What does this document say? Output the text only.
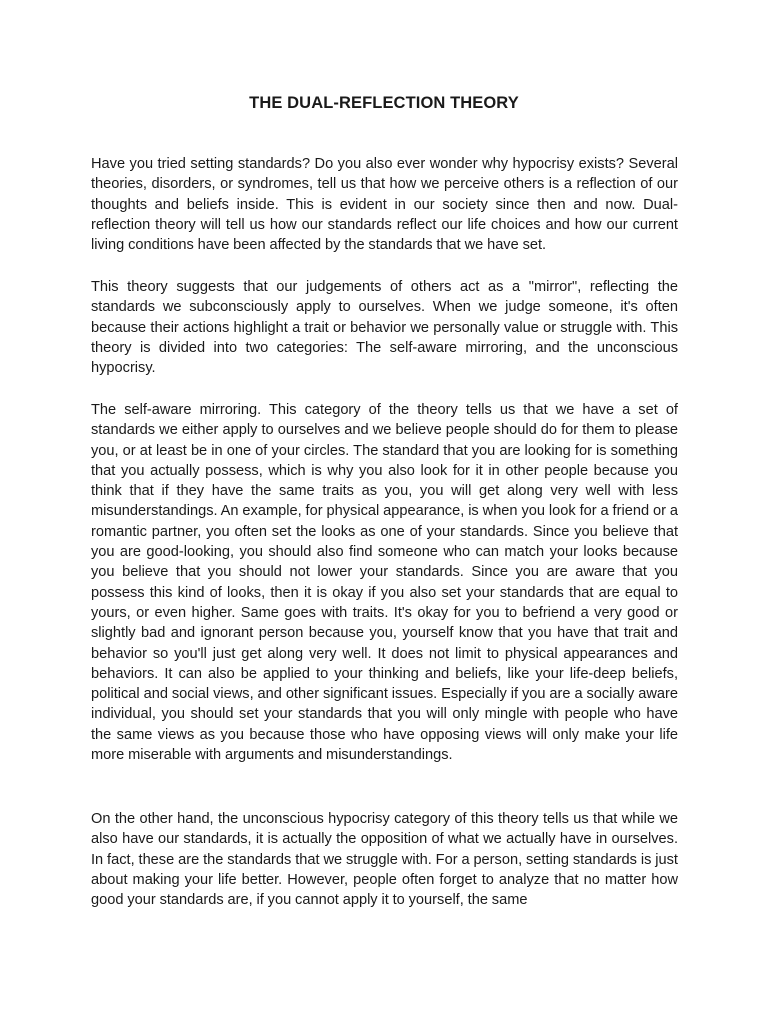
THE DUAL-REFLECTION THEORY

Have you tried setting standards? Do you also ever wonder why hypocrisy exists? Several theories, disorders, or syndromes, tell us that how we perceive others is a reflection of our thoughts and beliefs inside. This is evident in our society since then and now. Dual-reflection theory will tell us how our standards reflect our life choices and how our current living conditions have been affected by the standards that we have set.

This theory suggests that our judgements of others act as a "mirror", reflecting the standards we subconsciously apply to ourselves. When we judge someone, it's often because their actions highlight a trait or behavior we personally value or struggle with. This theory is divided into two categories: The self-aware mirroring, and the unconscious hypocrisy.

The self-aware mirroring. This category of the theory tells us that we have a set of standards we either apply to ourselves and we believe people should do for them to please you, or at least be in one of your circles. The standard that you are looking for is something that you actually possess, which is why you also look for it in other people because you think that if they have the same traits as you, you will get along very well with less misunderstandings. An example, for physical appearance, is when you look for a friend or a romantic partner, you often set the looks as one of your standards. Since you believe that you are good-looking, you should also find someone who can match your looks because you believe that you should not lower your standards. Since you are aware that you possess this kind of looks, then it is okay if you also set your standards that are equal to yours, or even higher. Same goes with traits. It's okay for you to befriend a very good or slightly bad and ignorant person because you, yourself know that you have that trait and behavior so you'll just get along very well. It does not limit to physical appearances and behaviors. It can also be applied to your thinking and beliefs, like your life-deep beliefs, political and social views, and other significant issues. Especially if you are a socially aware individual, you should set your standards that you will only mingle with people who have the same views as you because those who have opposing views will only make your life more miserable with arguments and misunderstandings.

On the other hand, the unconscious hypocrisy category of this theory tells us that while we also have our standards, it is actually the opposition of what we actually have in ourselves. In fact, these are the standards that we struggle with. For a person, setting standards is just about making your life better. However, people often forget to analyze that no matter how good your standards are, if you cannot apply it to yourself, the same
